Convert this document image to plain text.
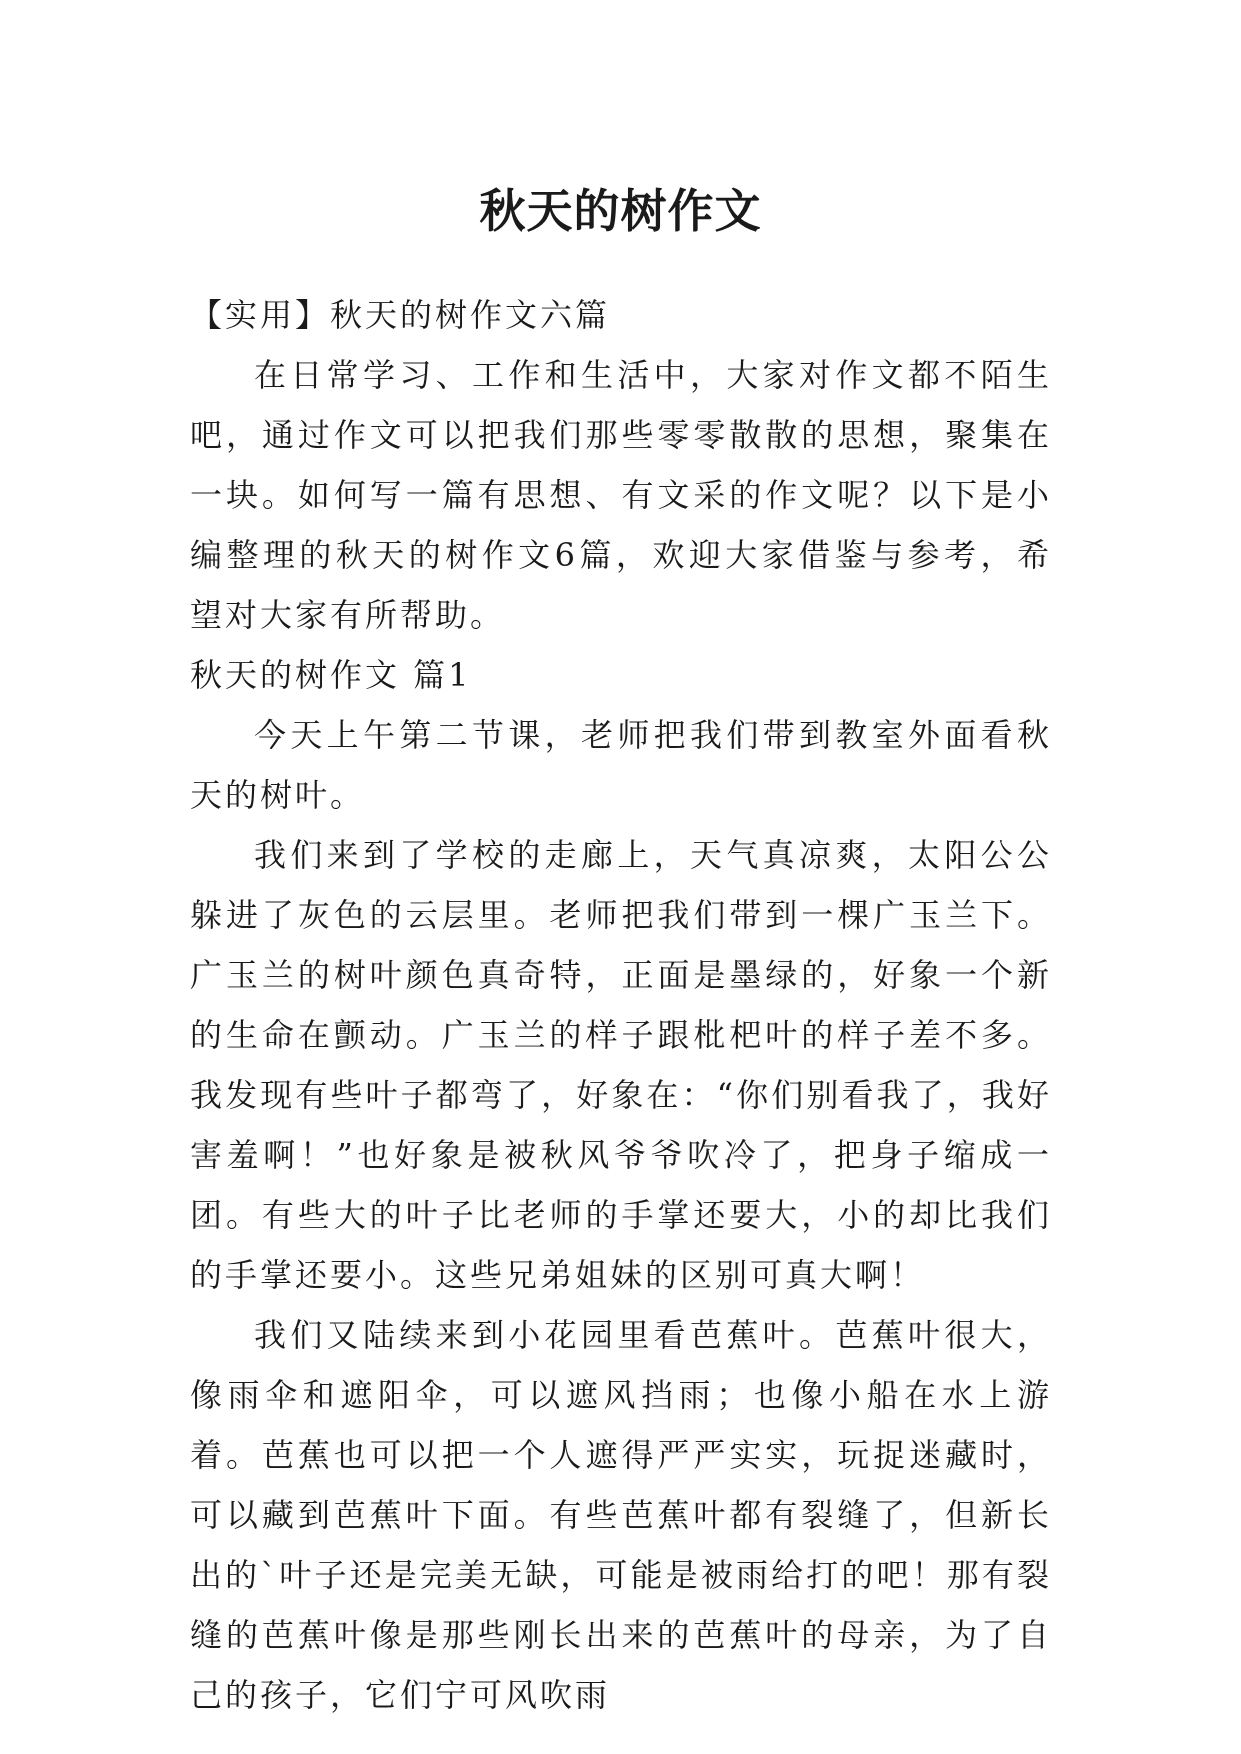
秋天的树作文

【实用】秋天的树作文六篇

在日常学习、工作和生活中，大家对作文都不陌生吧，通过作文可以把我们那些零零散散的思想，聚集在一块。如何写一篇有思想、有文采的作文呢？以下是小编整理的秋天的树作文6篇，欢迎大家借鉴与参考，希望对大家有所帮助。

秋天的树作文 篇1

今天上午第二节课，老师把我们带到教室外面看秋天的树叶。

我们来到了学校的走廊上，天气真凉爽，太阳公公躲进了灰色的云层里。老师把我们带到一棵广玉兰下。广玉兰的树叶颜色真奇特，正面是墨绿的，好象一个新的生命在颤动。广玉兰的样子跟枇杷叶的样子差不多。我发现有些叶子都弯了，好象在：“你们别看我了，我好害羞啊！”也好象是被秋风爷爷吹冷了，把身子缩成一团。有些大的叶子比老师的手掌还要大，小的却比我们的手掌还要小。这些兄弟姐妹的区别可真大啊！

我们又陆续来到小花园里看芭蕉叶。芭蕉叶很大，像雨伞和遮阳伞，可以遮风挡雨；也像小船在水上游着。芭蕉也可以把一个人遮得严严实实，玩捉迷藏时，可以藏到芭蕉叶下面。有些芭蕉叶都有裂缝了，但新长出的`叶子还是完美无缺，可能是被雨给打的吧！那有裂缝的芭蕉叶像是那些刚长出来的芭蕉叶的母亲，为了自己的孩子，它们宁可风吹雨
